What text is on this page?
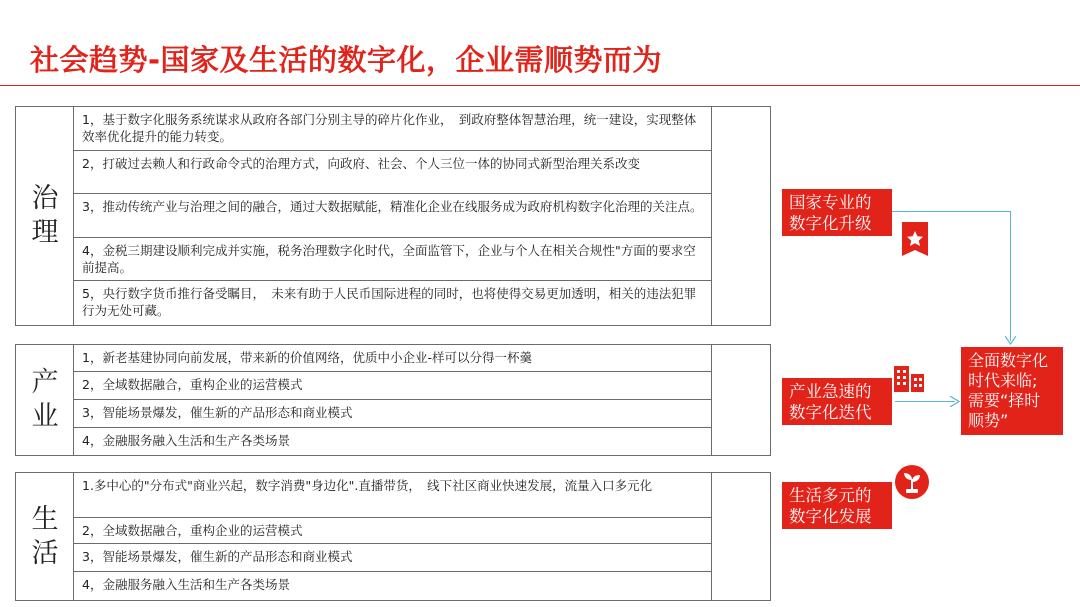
社会趋势-国家及生活的数字化，企业需顺势而为
治
理
1，基于数字化服务系统谋求从政府各部门分别主导的碎片化作业，　到政府整体智慧治理，统一建设，实现整体效率优化提升的能力转变。
2，打破过去赖人和行政命令式的治理方式，向政府、社会、个人三位一体的协同式新型治理关系改变
3，推动传统产业与治理之间的融合，通过大数据赋能，精准化企业在线服务成为政府机构数字化治理的关注点。
4，金税三期建设顺利完成并实施，税务治理数字化时代，全面监管下，企业与个人在相关合规性"方面的要求空前提高。
5，央行数字货币推行备受瞩目，　未来有助于人民币国际进程的同时，也将使得交易更加透明，相关的违法犯罪行为无处可藏。
产
业
1，新老基建协同向前发展，带来新的价值网络，优质中小企业-样可以分得一杯羹
2，全域数据融合，重构企业的运营模式
3，智能场景爆发，催生新的产品形态和商业模式
4，金融服务融入生活和生产各类场景
生
活
1.多中心的"分布式"商业兴起，数字消费"身边化".直播带货，　线下社区商业快速发展，流量入口多元化
2，全域数据融合，重构企业的运营模式
3，智能场景爆发，催生新的产品形态和商业模式
4，金融服务融入生活和生产各类场景
国家专业的
数字化升级
产业急速的
数字化迭代
生活多元的
数字化发展
全面数字化
时代来临;
需要“择时
顺势”
